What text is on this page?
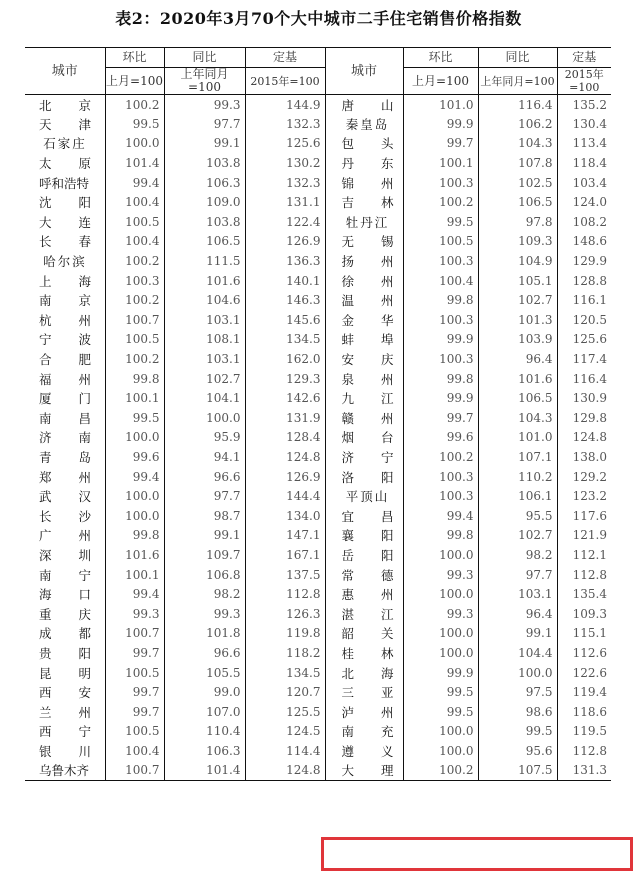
表2：2020年3月70个大中城市二手住宅销售价格指数
城市	环比	同比	定基	城市	环比	同比	定基
	上月=100	上年同月=100	2015年=100		上月=100	上年同月=100	2015年=100
北京	100.2	99.3	144.9	唐山	101.0	116.4	135.2
天津	99.5	97.7	132.3	秦皇岛	99.9	106.2	130.4
石家庄	100.0	99.1	125.6	包头	99.7	104.3	113.4
太原	101.4	103.8	130.2	丹东	100.1	107.8	118.4
呼和浩特	99.4	106.3	132.3	锦州	100.3	102.5	103.4
沈阳	100.4	109.0	131.1	吉林	100.2	106.5	124.0
大连	100.5	103.8	122.4	牡丹江	99.5	97.8	108.2
长春	100.4	106.5	126.9	无锡	100.5	109.3	148.6
哈尔滨	100.2	111.5	136.3	扬州	100.3	104.9	129.9
上海	100.3	101.6	140.1	徐州	100.4	105.1	128.8
南京	100.2	104.6	146.3	温州	99.8	102.7	116.1
杭州	100.7	103.1	145.6	金华	100.3	101.3	120.5
宁波	100.5	108.1	134.5	蚌埠	99.9	103.9	125.6
合肥	100.2	103.1	162.0	安庆	100.3	96.4	117.4
福州	99.8	102.7	129.3	泉州	99.8	101.6	116.4
厦门	100.1	104.1	142.6	九江	99.9	106.5	130.9
南昌	99.5	100.0	131.9	赣州	99.7	104.3	129.8
济南	100.0	95.9	128.4	烟台	99.6	101.0	124.8
青岛	99.6	94.1	124.8	济宁	100.2	107.1	138.0
郑州	99.4	96.6	126.9	洛阳	100.3	110.2	129.2
武汉	100.0	97.7	144.4	平顶山	100.3	106.1	123.2
长沙	100.0	98.7	134.0	宜昌	99.4	95.5	117.6
广州	99.8	99.1	147.1	襄阳	99.8	102.7	121.9
深圳	101.6	109.7	167.1	岳阳	100.0	98.2	112.1
南宁	100.1	106.8	137.5	常德	99.3	97.7	112.8
海口	99.4	98.2	112.8	惠州	100.0	103.1	135.4
重庆	99.3	99.3	126.3	湛江	99.3	96.4	109.3
成都	100.7	101.8	119.8	韶关	100.0	99.1	115.1
贵阳	99.7	96.6	118.2	桂林	100.0	104.4	112.6
昆明	100.5	105.5	134.5	北海	99.9	100.0	122.6
西安	99.7	99.0	120.7	三亚	99.5	97.5	119.4
兰州	99.7	107.0	125.5	泸州	99.5	98.6	118.6
西宁	100.5	110.4	124.5	南充	100.0	99.5	119.5
银川	100.4	106.3	114.4	遵义	100.0	95.6	112.8
乌鲁木齐	100.7	101.4	124.8	大理	100.2	107.5	131.3
